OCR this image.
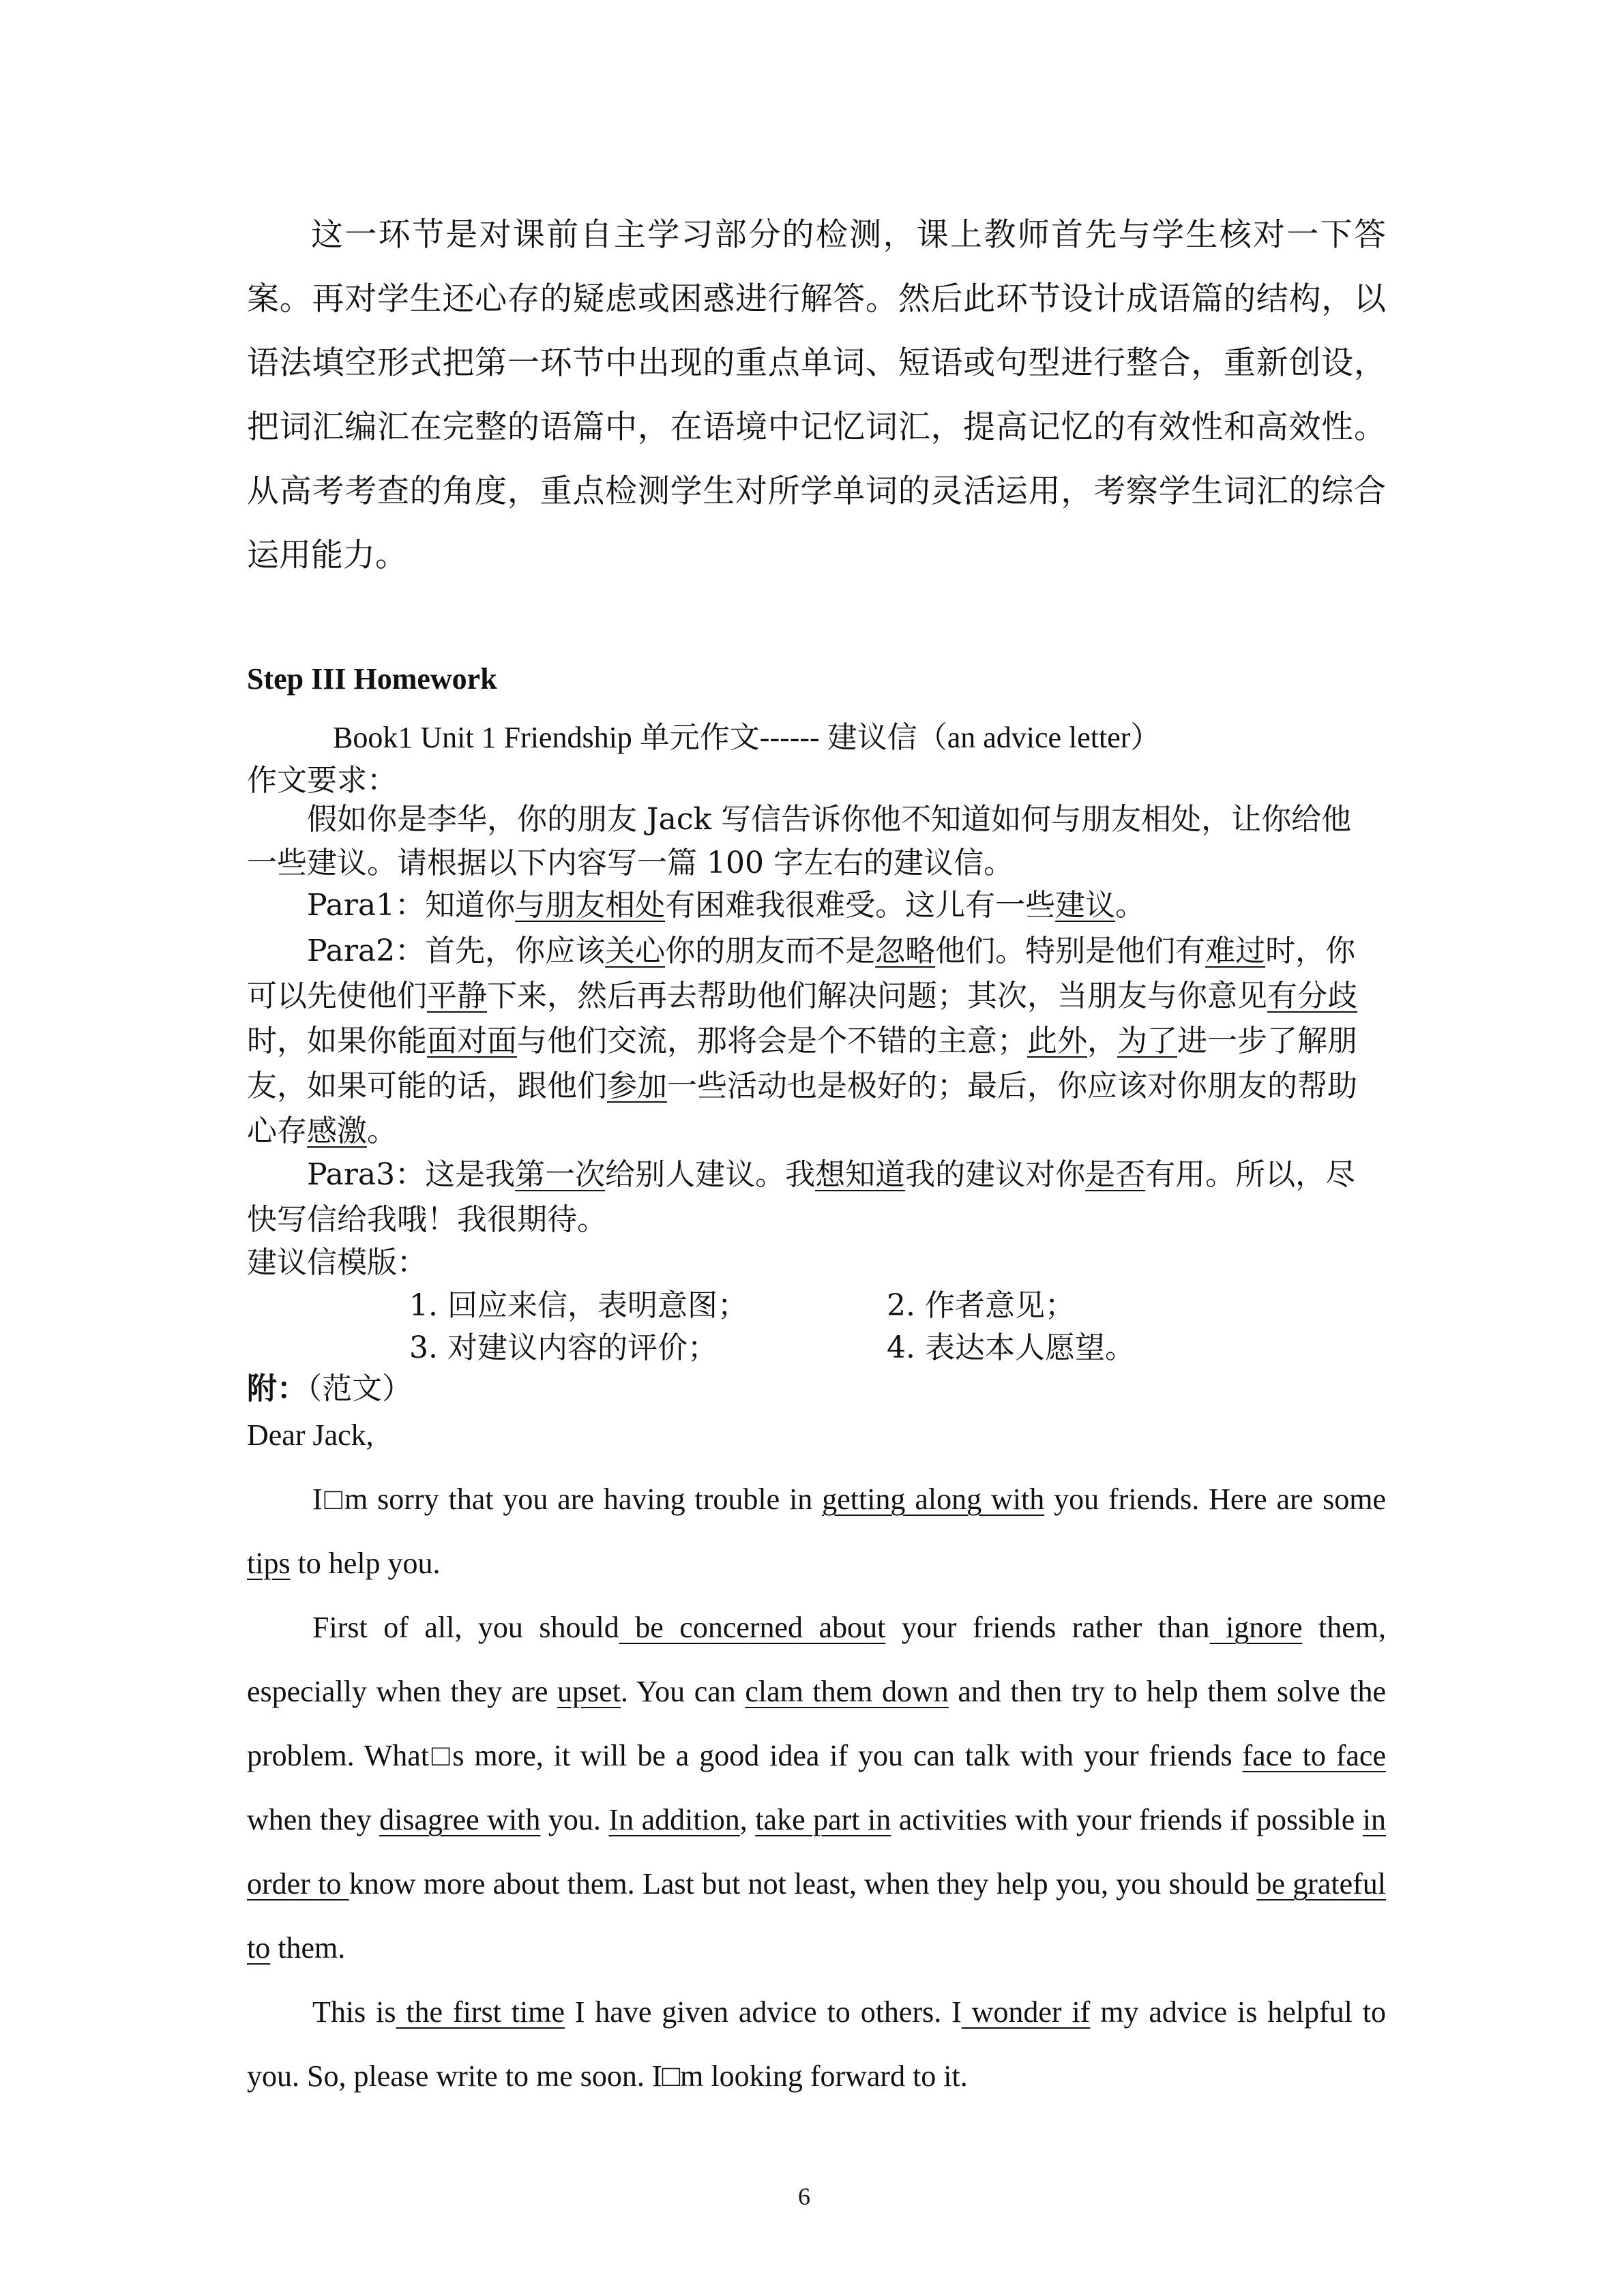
这一环节是对课前自主学习部分的检测，课上教师首先与学生核对一下答案。再对学生还心存的疑虑或困惑进行解答。然后此环节设计成语篇的结构，以语法填空形式把第一环节中出现的重点单词、短语或句型进行整合，重新创设，把词汇编汇在完整的语篇中，在语境中记忆词汇，提高记忆的有效性和高效性。从高考考查的角度，重点检测学生对所学单词的灵活运用，考察学生词汇的综合运用能力。

Step III Homework
Book1 Unit 1 Friendship 单元作文------ 建议信（an advice letter）
作文要求：

假如你是李华，你的朋友 Jack 写信告诉你他不知道如何与朋友相处，让你给他一些建议。请根据以下内容写一篇 100 字左右的建议信。

Para1：知道你与朋友相处有困难我很难受。这儿有一些建议。

Para2：首先，你应该关心你的朋友而不是忽略他们。特别是他们有难过时，你可以先使他们平静下来，然后再去帮助他们解决问题；其次，当朋友与你意见有分歧时，如果你能面对面与他们交流，那将会是个不错的主意；此外，为了进一步了解朋友，如果可能的话，跟他们参加一些活动也是极好的；最后，你应该对你朋友的帮助心存感激。

Para3：这是我第一次给别人建议。我想知道我的建议对你是否有用。所以，尽快写信给我哦！我很期待。

建议信模版：
1. 回应来信，表明意图；	2. 作者意见；
3. 对建议内容的评价；	4. 表达本人愿望。
附：（范文）
Dear Jack,

I□m sorry that you are having trouble in getting along with you friends. Here are some tips to help you.

First of all, you should be concerned about your friends rather than ignore them, especially when they are upset. You can clam them down and then try to help them solve the problem. What□s more, it will be a good idea if you can talk with your friends face to face when they disagree with you. In addition, take part in activities with your friends if possible in order to know more about them. Last but not least, when they help you, you should be grateful to them.

This is the first time I have given advice to others. I wonder if my advice is helpful to you. So, please write to me soon. I□m looking forward to it.

6
